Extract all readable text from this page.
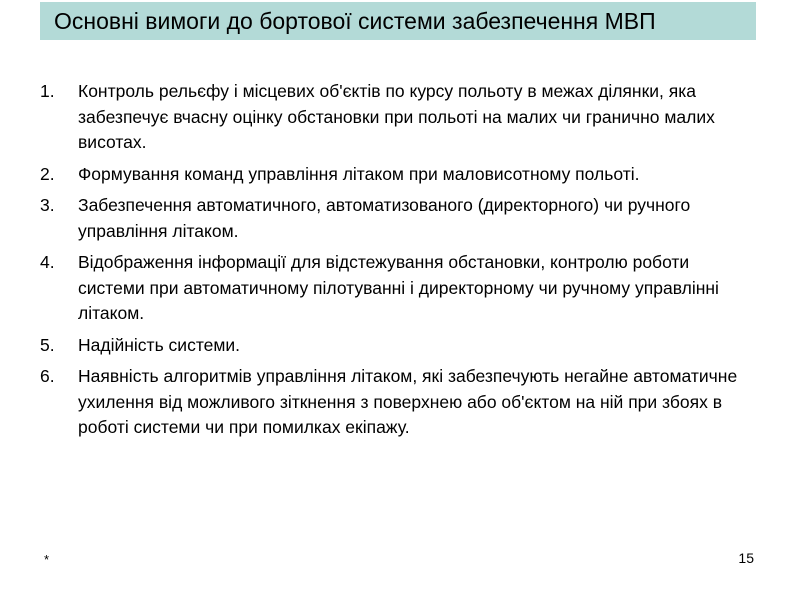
Основні вимоги до бортової системи забезпечення МВП
1.	Контроль рельєфу і місцевих об'єктів по курсу польоту в межах ділянки, яка забезпечує вчасну оцінку обстановки при польоті на малих чи гранично малих висотах.
2.	Формування команд управління літаком при маловисотному польоті.
3.	Забезпечення автоматичного, автоматизованого (директорного) чи ручного управління літаком.
4.	Відображення інформації для відстежування обстановки, контролю роботи системи при автоматичному пілотуванні і директорному чи ручному управлінні літаком.
5.	Надійність системи.
6.	Наявність алгоритмів управління літаком, які забезпечують негайне автоматичне ухилення від можливого зіткнення з поверхнею або об'єктом на ній при збоях в роботі системи чи при помилках екіпажу.
*	15
